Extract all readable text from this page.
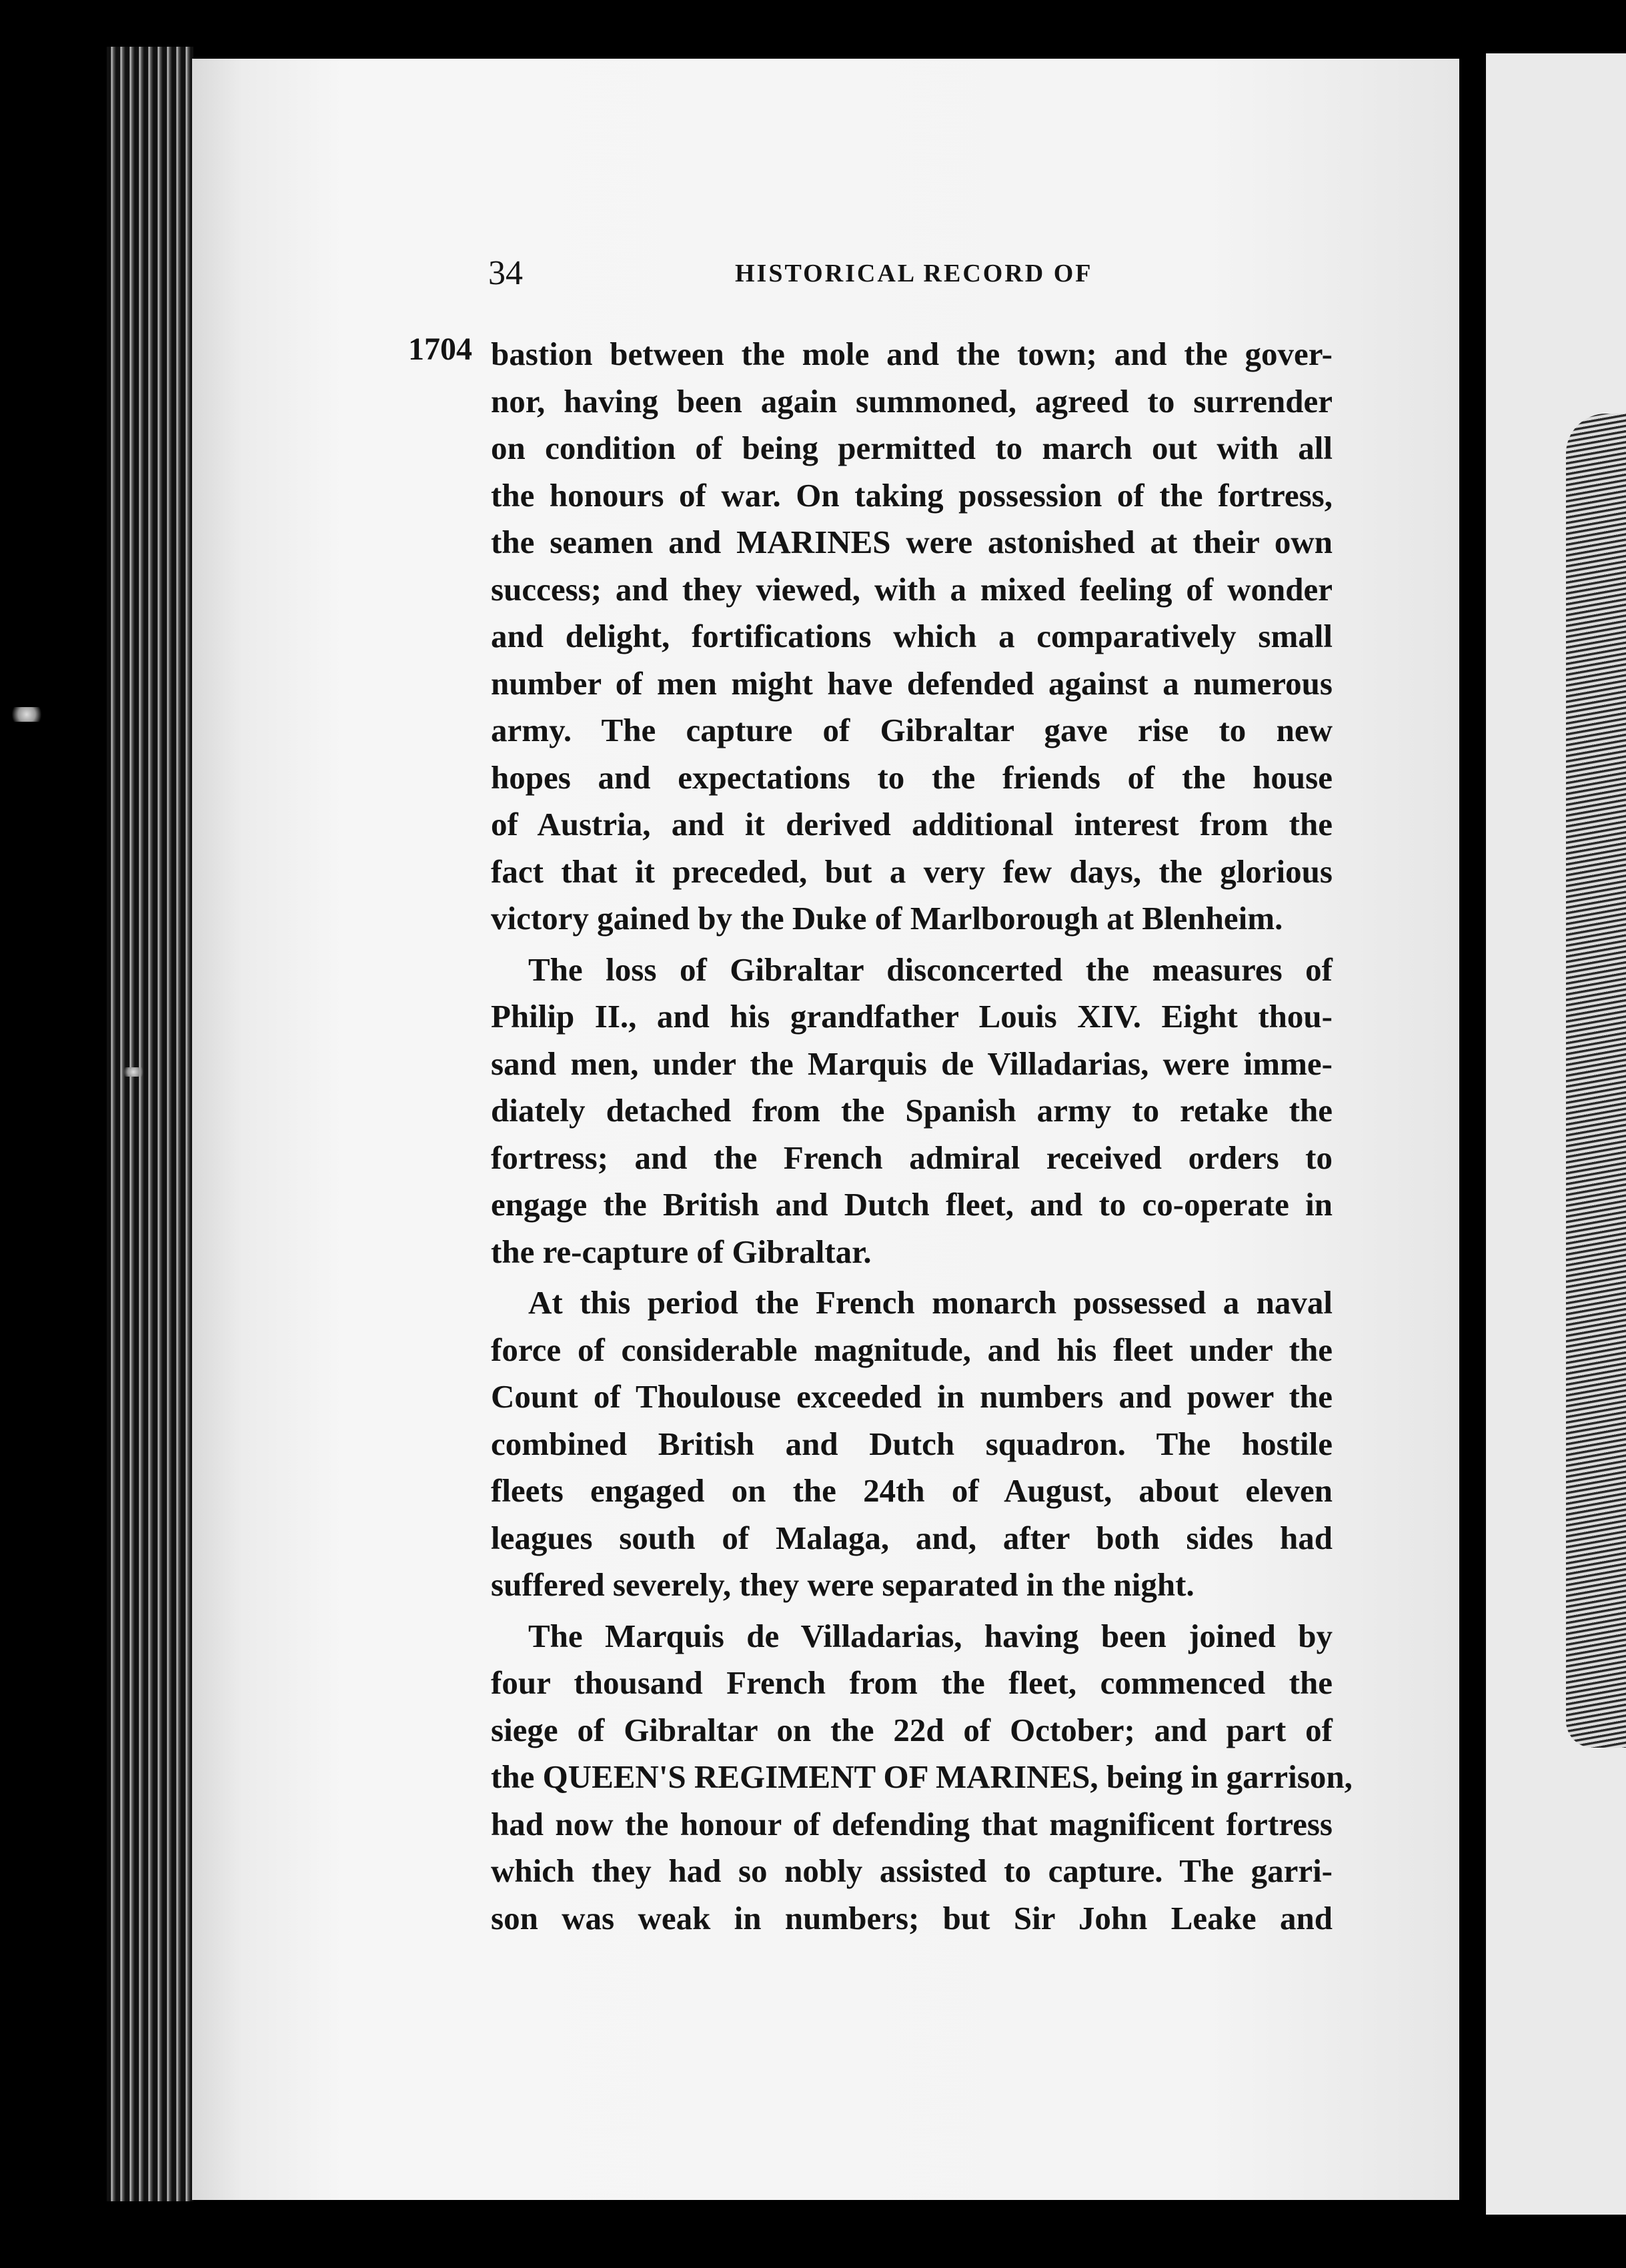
34	HISTORICAL RECORD OF
1704 bastion between the mole and the town; and the gover-
nor, having been again summoned, agreed to surrender
on condition of being permitted to march out with all
the honours of war. On taking possession of the fortress,
the seamen and MARINES were astonished at their own
success; and they viewed, with a mixed feeling of wonder
and delight, fortifications which a comparatively small
number of men might have defended against a numerous
army. The capture of Gibraltar gave rise to new
hopes and expectations to the friends of the house
of Austria, and it derived additional interest from the
fact that it preceded, but a very few days, the glorious
victory gained by the Duke of Marlborough at Blenheim.
The loss of Gibraltar disconcerted the measures of
Philip II., and his grandfather Louis XIV. Eight thou-
sand men, under the Marquis de Villadarias, were imme-
diately detached from the Spanish army to retake the
fortress; and the French admiral received orders to
engage the British and Dutch fleet, and to co-operate in
the re-capture of Gibraltar.
At this period the French monarch possessed a naval
force of considerable magnitude, and his fleet under the
Count of Thoulouse exceeded in numbers and power the
combined British and Dutch squadron. The hostile
fleets engaged on the 24th of August, about eleven
leagues south of Malaga, and, after both sides had
suffered severely, they were separated in the night.
The Marquis de Villadarias, having been joined by
four thousand French from the fleet, commenced the
siege of Gibraltar on the 22d of October; and part of
the QUEEN'S REGIMENT OF MARINES, being in garrison,
had now the honour of defending that magnificent fortress
which they had so nobly assisted to capture. The garri-
son was weak in numbers; but Sir John Leake and
